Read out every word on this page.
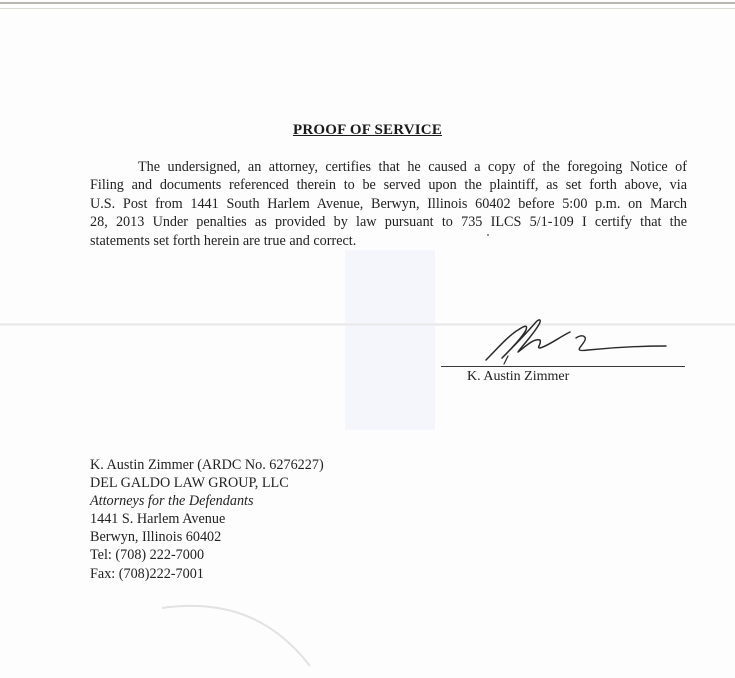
PROOF OF SERVICE
The undersigned, an attorney, certifies that he caused a copy of the foregoing Notice of
Filing and documents referenced therein to be served upon the plaintiff, as set forth above, via
U.S. Post from 1441 South Harlem Avenue, Berwyn, Illinois 60402 before 5:00 p.m. on March
28, 2013 Under penalties as provided by law pursuant to 735 ILCS 5/1-109 I certify that the
statements set forth herein are true and correct.
K. Austin Zimmer
K. Austin Zimmer (ARDC No. 6276227)
DEL GALDO LAW GROUP, LLC
Attorneys for the Defendants
1441 S. Harlem Avenue
Berwyn, Illinois 60402
Tel: (708) 222-7000
Fax: (708)222-7001
